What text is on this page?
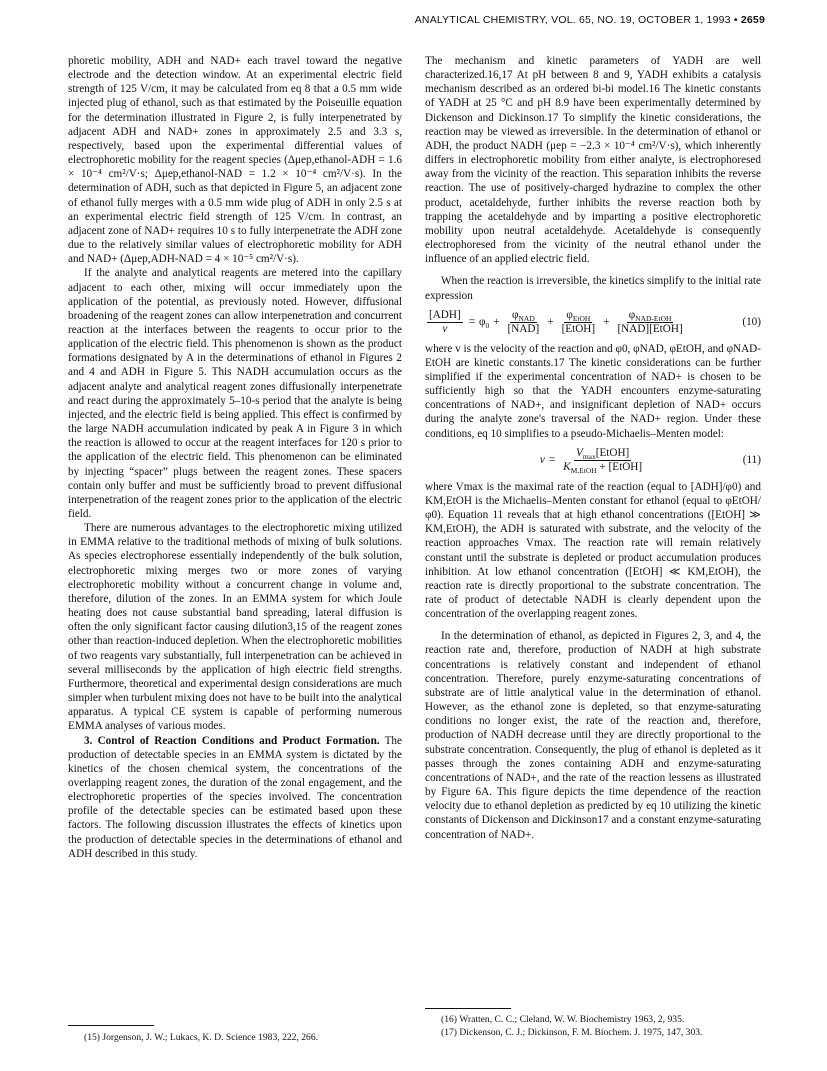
ANALYTICAL CHEMISTRY, VOL. 65, NO. 19, OCTOBER 1, 1993 • 2659

phoretic mobility, ADH and NAD+ each travel toward the negative electrode and the detection window. At an experimental electric field strength of 125 V/cm, it may be calculated from eq 8 that a 0.5 mm wide injected plug of ethanol, such as that estimated by the Poiseuille equation for the determination illustrated in Figure 2, is fully interpenetrated by adjacent ADH and NAD+ zones in approximately 2.5 and 3.3 s, respectively, based upon the experimental differential values of electrophoretic mobility for the reagent species (Δμep,ethanol-ADH = 1.6 × 10⁻⁴ cm²/V·s; Δμep,ethanol-NAD = 1.2 × 10⁻⁴ cm²/V·s). In the determination of ADH, such as that depicted in Figure 5, an adjacent zone of ethanol fully merges with a 0.5 mm wide plug of ADH in only 2.5 s at an experimental electric field strength of 125 V/cm. In contrast, an adjacent zone of NAD+ requires 10 s to fully interpenetrate the ADH zone due to the relatively similar values of electrophoretic mobility for ADH and NAD+ (Δμep,ADH-NAD = 4 × 10⁻⁵ cm²/V·s).

If the analyte and analytical reagents are metered into the capillary adjacent to each other, mixing will occur immediately upon the application of the potential, as previously noted. However, diffusional broadening of the reagent zones can allow interpenetration and concurrent reaction at the interfaces between the reagents to occur prior to the application of the electric field. This phenomenon is shown as the product formations designated by A in the determinations of ethanol in Figures 2 and 4 and ADH in Figure 5. This NADH accumulation occurs as the adjacent analyte and analytical reagent zones diffusionally interpenetrate and react during the approximately 5–10-s period that the analyte is being injected, and the electric field is being applied. This effect is confirmed by the large NADH accumulation indicated by peak A in Figure 3 in which the reaction is allowed to occur at the reagent interfaces for 120 s prior to the application of the electric field. This phenomenon can be eliminated by injecting “spacer” plugs between the reagent zones. These spacers contain only buffer and must be sufficiently broad to prevent diffusional interpenetration of the reagent zones prior to the application of the electric field.

There are numerous advantages to the electrophoretic mixing utilized in EMMA relative to the traditional methods of mixing of bulk solutions. As species electrophorese essentially independently of the bulk solution, electrophoretic mixing merges two or more zones of varying electrophoretic mobility without a concurrent change in volume and, therefore, dilution of the zones. In an EMMA system for which Joule heating does not cause substantial band spreading, lateral diffusion is often the only significant factor causing dilution3,15 of the reagent zones other than reaction-induced depletion. When the electrophoretic mobilities of two reagents vary substantially, full interpenetration can be achieved in several milliseconds by the application of high electric field strengths. Furthermore, theoretical and experimental design considerations are much simpler when turbulent mixing does not have to be built into the analytical apparatus. A typical CE system is capable of performing numerous EMMA analyses of various modes.

3. Control of Reaction Conditions and Product Formation. The production of detectable species in an EMMA system is dictated by the kinetics of the chosen chemical system, the concentrations of the overlapping reagent zones, the duration of the zonal engagement, and the electrophoretic properties of the species involved. The concentration profile of the detectable species can be estimated based upon these factors. The following discussion illustrates the effects of kinetics upon the production of detectable species in the determinations of ethanol and ADH described in this study.

(15) Jorgenson, J. W.; Lukacs, K. D. Science 1983, 222, 266.

The mechanism and kinetic parameters of YADH are well characterized.16,17 At pH between 8 and 9, YADH exhibits a catalysis mechanism described as an ordered bi-bi model.16 The kinetic constants of YADH at 25 °C and pH 8.9 have been experimentally determined by Dickenson and Dickinson.17 To simplify the kinetic considerations, the reaction may be viewed as irreversible. In the determination of ethanol or ADH, the product NADH (μep = −2.3 × 10⁻⁴ cm²/V·s), which inherently differs in electrophoretic mobility from either analyte, is electrophoresed away from the vicinity of the reaction. This separation inhibits the reverse reaction. The use of positively-charged hydrazine to complex the other product, acetaldehyde, further inhibits the reverse reaction both by trapping the acetaldehyde and by imparting a positive electrophoretic mobility upon neutral acetaldehyde. Acetaldehyde is consequently electrophoresed from the vicinity of the neutral ethanol under the influence of an applied electric field.

When the reaction is irreversible, the kinetics simplify to the initial rate expression

$\frac{\text{[ADH]}}{v} = \varphi_0 + \frac{\varphi_{NAD}}{\text{[NAD]}} + \frac{\varphi_{EtOH}}{\text{[EtOH]}} + \frac{\varphi_{NAD-EtOH}}{\text{[NAD][EtOH]}}$	(10)

where v is the velocity of the reaction and φ0, φNAD, φEtOH, and φNAD-EtOH are kinetic constants.17 The kinetic considerations can be further simplified if the experimental concentration of NAD+ is chosen to be sufficiently high so that the YADH encounters enzyme-saturating concentrations of NAD+, and insignificant depletion of NAD+ occurs during the analyte zone's traversal of the NAD+ region. Under these conditions, eq 10 simplifies to a pseudo-Michaelis–Menten model:

$v = \frac{V_{max}[EtOH]}{K_{M,EtOH} + [EtOH]}$	(11)

where Vmax is the maximal rate of the reaction (equal to [ADH]/φ0) and KM,EtOH is the Michaelis–Menten constant for ethanol (equal to φEtOH/φ0). Equation 11 reveals that at high ethanol concentrations ([EtOH] ≫ KM,EtOH), the ADH is saturated with substrate, and the velocity of the reaction approaches Vmax. The reaction rate will remain relatively constant until the substrate is depleted or product accumulation produces inhibition. At low ethanol concentration ([EtOH] ≪ KM,EtOH), the reaction rate is directly proportional to the substrate concentration. The rate of product of detectable NADH is clearly dependent upon the concentration of the overlapping reagent zones.

In the determination of ethanol, as depicted in Figures 2, 3, and 4, the reaction rate and, therefore, production of NADH at high substrate concentrations is relatively constant and independent of ethanol concentration. Therefore, purely enzyme-saturating concentrations of substrate are of little analytical value in the determination of ethanol. However, as the ethanol zone is depleted, so that enzyme-saturating conditions no longer exist, the rate of the reaction and, therefore, production of NADH decrease until they are directly proportional to the substrate concentration. Consequently, the plug of ethanol is depleted as it passes through the zones containing ADH and enzyme-saturating concentrations of NAD+, and the rate of the reaction lessens as illustrated by Figure 6A. This figure depicts the time dependence of the reaction velocity due to ethanol depletion as predicted by eq 10 utilizing the kinetic constants of Dickenson and Dickinson17 and a constant enzyme-saturating concentration of NAD+.

(16) Wratten, C. C.; Cleland, W. W. Biochemistry 1963, 2, 935.
(17) Dickenson, C. J.; Dickinson, F. M. Biochem. J. 1975, 147, 303.
